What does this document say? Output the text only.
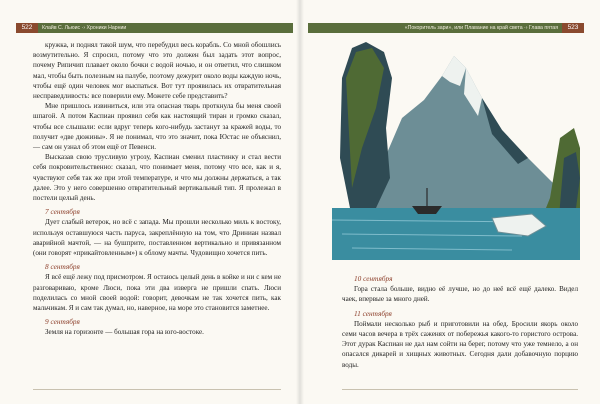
522	Клайв С. Льюис ·› Хроники Нарнии

кружка, и поднял такой шум, что перебудил весь корабль. Со мной обошлись возмутительно. Я спросил, потому что это должен был задать этот вопрос, почему Рипичип плавает около бочки с водой ночью, и он ответил, что слишком мал, чтобы быть полезным на палубе, поэтому дежурит около воды каждую ночь, чтобы ещё один человек мог выспаться. Вот тут проявилась их отвратительная несправедливость: все поверили ему. Можете себе представить?

Мне пришлось извиниться, или эта опасная тварь проткнула бы меня своей шпагой. А потом Каспиан проявил себя как настоящий тиран и громко сказал, чтобы все слышали: если вдруг теперь кого-нибудь застанут за кражей воды, то получит «две дюжины». Я не понимал, что это значит, пока Юстас не объяснил, — сам он узнал об этом ещё от Певенси.

Высказав свою трусливую угрозу, Каспиан сменил пластинку и стал вести себя покровительственно: сказал, что понимает меня, потому что все, как и я, чувствуют себя так же при этой температуре, и что мы должны держаться, а так далее. Это у него совершенно отвратительный вертикальный тип. Я пролежал в постели целый день.

7 сентября

Дует слабый ветерок, но всё с запада. Мы прошли несколько миль к востоку, используя оставшуюся часть паруса, закреплённую на том, что Дриниан назвал аварийной мачтой, — на бушприте, поставленном вертикально и привязанном (они говорят «прикайтовленным») к облому мачты. Чудовищно хочется пить.

8 сентября

Я всё ещё лежу под присмотром. Я остаюсь целый день в койке и ни с кем не разговариваю, кроме Люси, пока эти два изверга не пришли спать. Люси поделилась со мной своей водой: говорит, девочкам не так хочется пить, как мальчикам. Я и сам так думал, но, наверное, на море это становится заметнее.

9 сентября

Земля на горизонте — большая гора на юго-востоке.

«Покоритель зари», или Плавание на край света ·› Глава пятая	523
10 сентября

Гора стала больше, видно её лучше, но до неё всё ещё далеко. Видел чаек, впервые за много дней.

11 сентября

Поймали несколько рыб и приготовили на обед. Бросили якорь около семи часов вечера в трёх саженях от побережья какого-то гористого острова. Этот дурак Каспиан не дал нам сойти на берег, потому что уже темнело, а он опасался дикарей и хищных животных. Сегодня дали добавочную порцию воды.
